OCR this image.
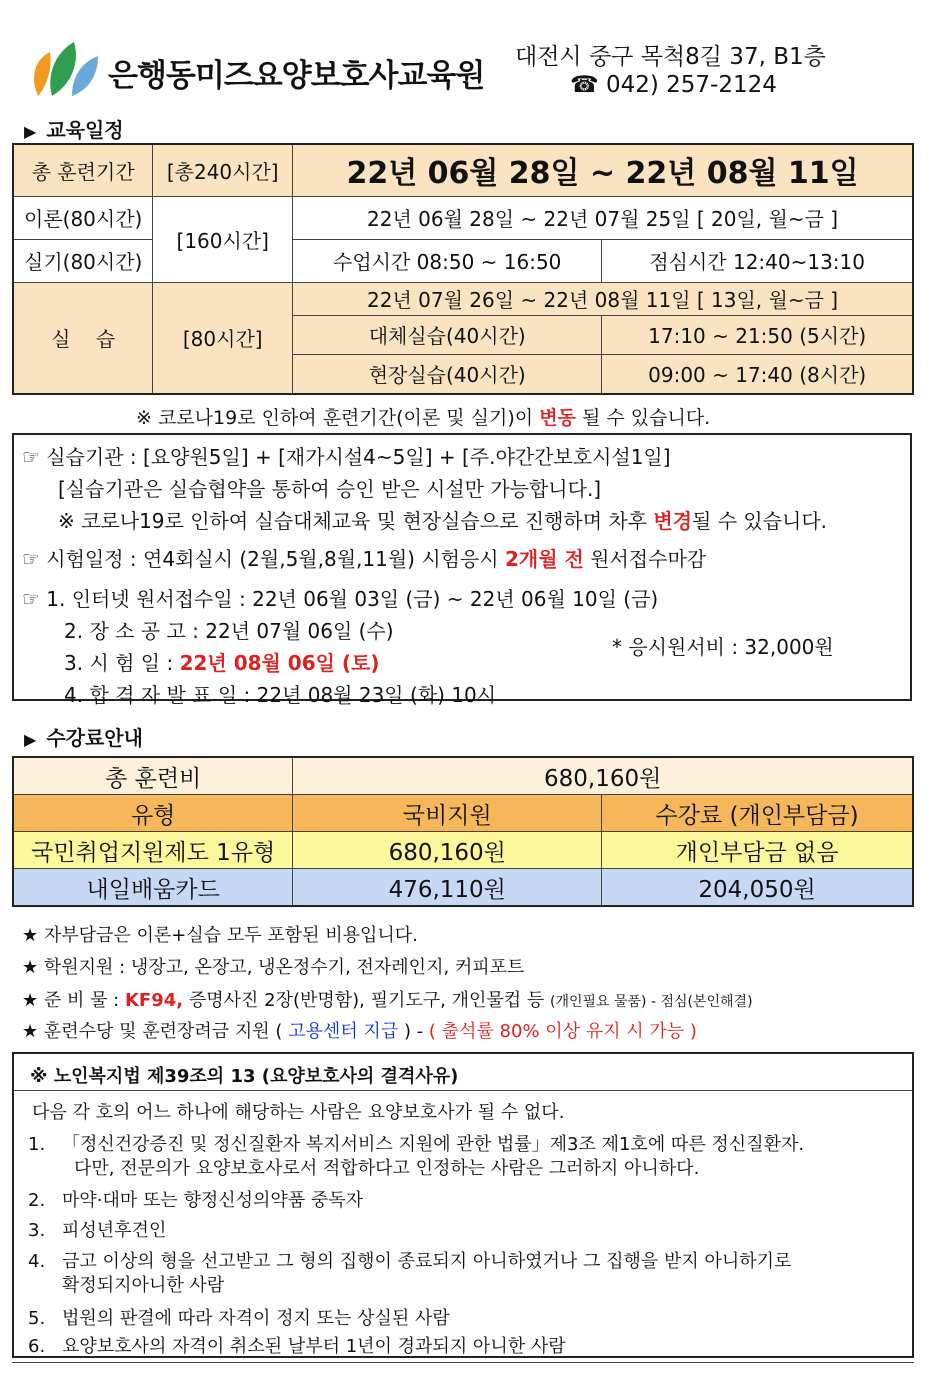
은행동미즈요양보호사교육원
대전시 중구 목척8길 37, B1층
☎ 042) 257-2124
▶ 교육일정
총 훈련기간	[총240시간]	22년 06월 28일 ~ 22년 08월 11일	
이론(80시간)	[160시간]	22년 06월 28일 ~ 22년 07월 25일 [ 20일, 월~금 ]	
실기(80시간)		수업시간 08:50 ~ 16:50	점심시간 12:40~13:10
실    습	[80시간]	22년 07월 26일 ~ 22년 08월 11일 [ 13일, 월~금 ]	
		대체실습(40시간)	17:10 ~ 21:50 (5시간)
		현장실습(40시간)	09:00 ~ 17:40 (8시간)
※ 코로나19로 인하여 훈련기간(이론 및 실기)이 변동 될 수 있습니다.
☞ 실습기관 : [요양원5일] + [재가시설4~5일] + [주.야간간보호시설1일]
[실습기관은 실습협약을 통하여 승인 받은 시설만 가능합니다.]
※ 코로나19로 인하여 실습대체교육 및 현장실습으로 진행하며 차후 변경될 수 있습니다.
☞ 시험일정 : 연4회실시 (2월,5월,8월,11월) 시험응시 2개월 전 원서접수마감
☞ 1. 인터넷 원서접수일 : 22년 06월 03일 (금) ~ 22년 06월 10일 (금)
2. 장 소 공 고 : 22년 07월 06일 (수)
3. 시 험 일 : 22년 08월 06일 (토)
4. 합 격 자 발 표 일 : 22년 08월 23일 (화) 10시
* 응시원서비 : 32,000원
▶ 수강료안내
총 훈련비	680,160원	
유형	국비지원	수강료 (개인부담금)
국민취업지원제도 1유형	680,160원	개인부담금 없음
내일배움카드	476,110원	204,050원
★ 자부담금은 이론+실습 모두 포함된 비용입니다.
★ 학원지원 : 냉장고, 온장고, 냉온정수기, 전자레인지, 커피포트
★ 준 비 물 : KF94, 증명사진 2장(반명함), 필기도구, 개인물컵 등 (개인필요 물품) - 점심(본인해결)
★ 훈련수당 및 훈련장려금 지원 ( 고용센터 지급 ) - ( 출석률 80% 이상 유지 시 가능 )
※ 노인복지법 제39조의 13 (요양보호사의 결격사유)
다음 각 호의 어느 하나에 해당하는 사람은 요양보호사가 될 수 없다.
1. 「정신건강증진 및 정신질환자 복지서비스 지원에 관한 법률」제3조 제1호에 따른 정신질환자.
다만, 전문의가 요양보호사로서 적합하다고 인정하는 사람은 그러하지 아니하다.
2. 마약·대마 또는 향정신성의약품 중독자
3. 피성년후견인
4. 금고 이상의 형을 선고받고 그 형의 집행이 종료되지 아니하였거나 그 집행을 받지 아니하기로
확정되지아니한 사람
5. 법원의 판결에 따라 자격이 정지 또는 상실된 사람
6. 요양보호사의 자격이 취소된 날부터 1년이 경과되지 아니한 사람
